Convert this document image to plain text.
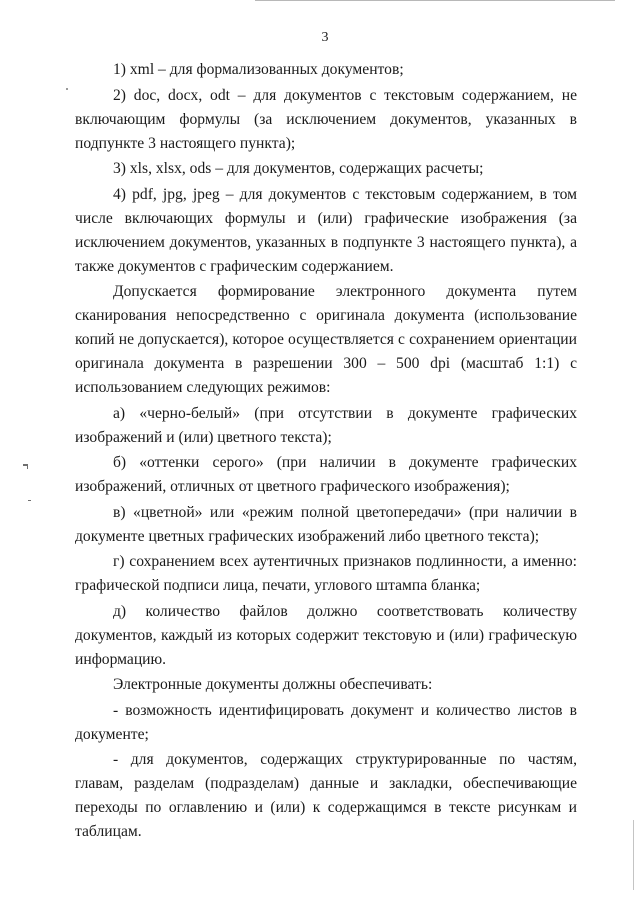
3

1) xml – для формализованных документов;

2) doc, docx, odt – для документов с текстовым содержанием, не включающим формулы (за исключением документов, указанных в подпункте 3 настоящего пункта);

3) xls, xlsx, ods – для документов, содержащих расчеты;

4) pdf, jpg, jpeg – для документов с текстовым содержанием, в том числе включающих формулы и (или) графические изображения (за исключением документов, указанных в подпункте 3 настоящего пункта), а также документов с графическим содержанием.

Допускается формирование электронного документа путем сканирования непосредственно с оригинала документа (использование копий не допускается), которое осуществляется с сохранением ориентации оригинала документа в разрешении 300 – 500 dpi (масштаб 1:1) с использованием следующих режимов:

а) «черно-белый» (при отсутствии в документе графических изображений и (или) цветного текста);

б) «оттенки серого» (при наличии в документе графических изображений, отличных от цветного графического изображения);

в) «цветной» или «режим полной цветопередачи» (при наличии в документе цветных графических изображений либо цветного текста);

г) сохранением всех аутентичных признаков подлинности, а именно: графической подписи лица, печати, углового штампа бланка;

д) количество файлов должно соответствовать количеству документов, каждый из которых содержит текстовую и (или) графическую информацию.

Электронные документы должны обеспечивать:

- возможность идентифицировать документ и количество листов в документе;

- для документов, содержащих структурированные по частям, главам, разделам (подразделам) данные и закладки, обеспечивающие переходы по оглавлению и (или) к содержащимся в тексте рисункам и таблицам.
